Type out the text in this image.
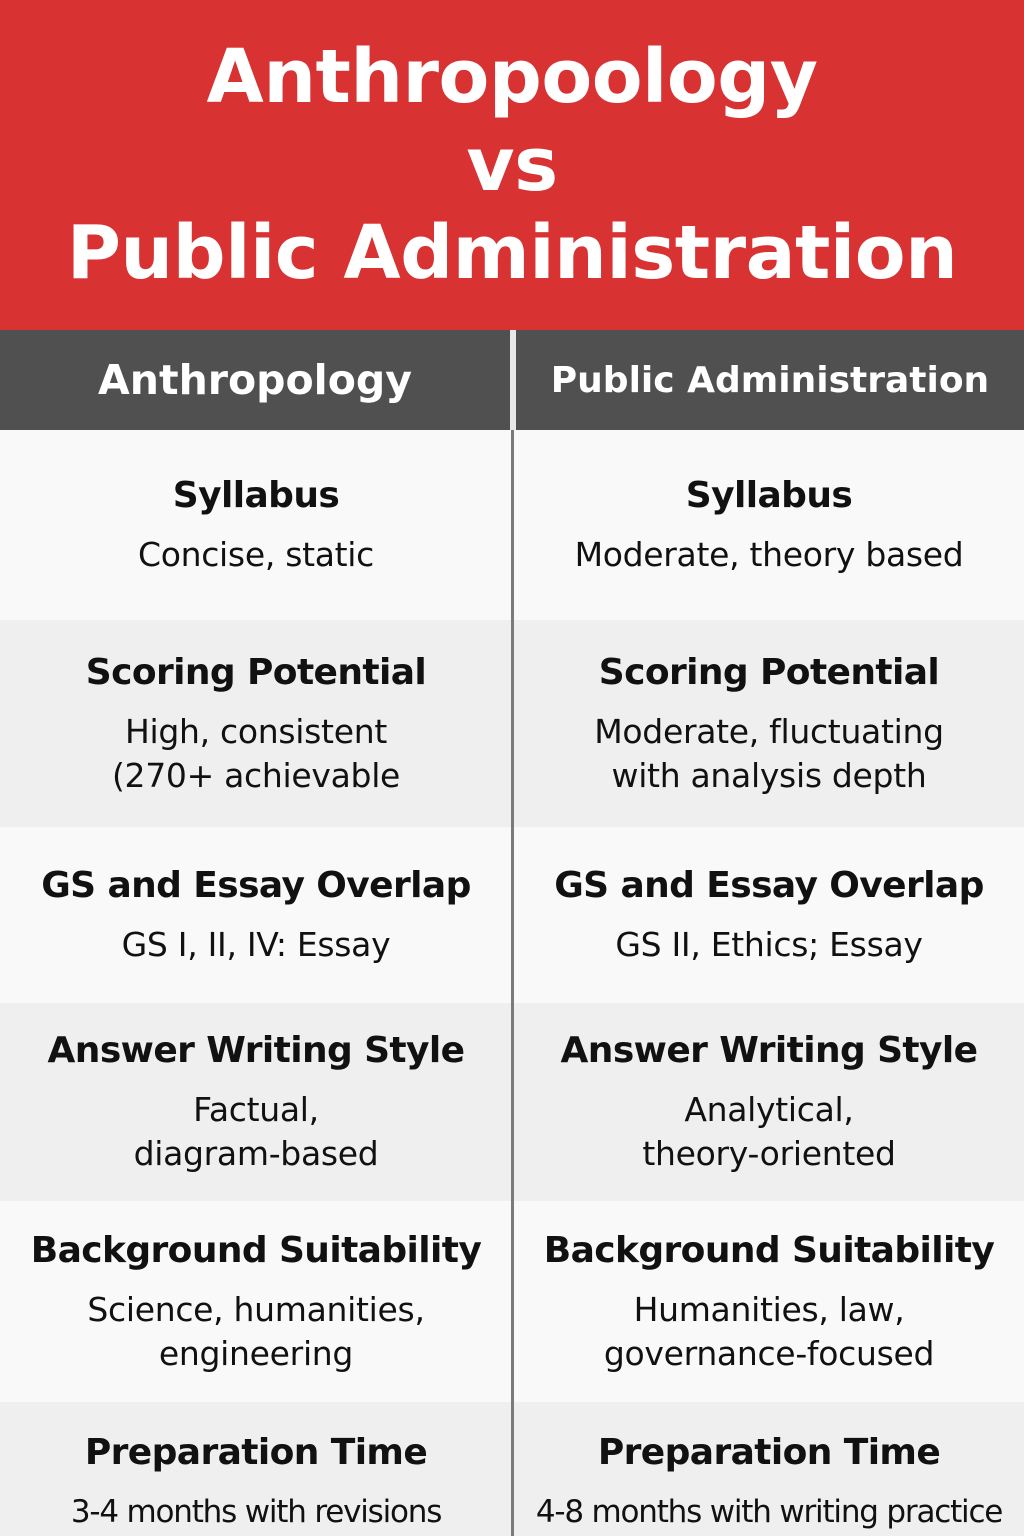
Anthropoology
vs
Public Administration
Anthropology	Public Administration
Syllabus
Concise, static
Syllabus
Moderate, theory based
Scoring Potential
High, consistent
(270+ achievable
Scoring Potential
Moderate, fluctuating
with analysis depth
GS and Essay Overlap
GS I, II, IV: Essay
GS and Essay Overlap
GS II, Ethics; Essay
Answer Writing Style
Factual,
diagram-based
Answer Writing Style
Analytical,
theory-oriented
Background Suitability
Science, humanities,
engineering
Background Suitability
Humanities, law,
governance-focused
Preparation Time
3-4 months with revisions
Preparation Time
4-8 months with writing practice
